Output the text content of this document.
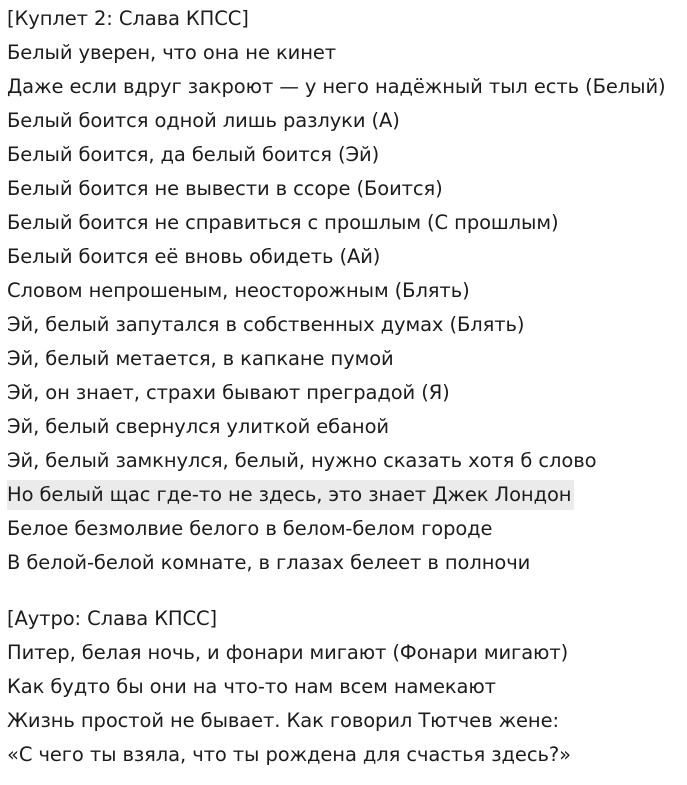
[Куплет 2: Слава КПСС]
Белый уверен, что она не кинет
Даже если вдруг закроют — у него надёжный тыл есть (Белый)
Белый боится одной лишь разлуки (А)
Белый боится, да белый боится (Эй)
Белый боится не вывести в ссоре (Боится)
Белый боится не справиться с прошлым (С прошлым)
Белый боится её вновь обидеть (Ай)
Словом непрошеным, неосторожным (Блять)
Эй, белый запутался в собственных думах (Блять)
Эй, белый метается, в капкане пумой
Эй, он знает, страхи бывают преградой (Я)
Эй, белый свернулся улиткой ебаной
Эй, белый замкнулся, белый, нужно сказать хотя б слово
Но белый щас где-то не здесь, это знает Джек Лондон
Белое безмолвие белого в белом-белом городе
В белой-белой комнате, в глазах белеет в полночи
[Аутро: Слава КПСС]
Питер, белая ночь, и фонари мигают (Фонари мигают)
Как будто бы они на что-то нам всем намекают
Жизнь простой не бывает. Как говорил Тютчев жене:
«С чего ты взяла, что ты рождена для счастья здесь?»
